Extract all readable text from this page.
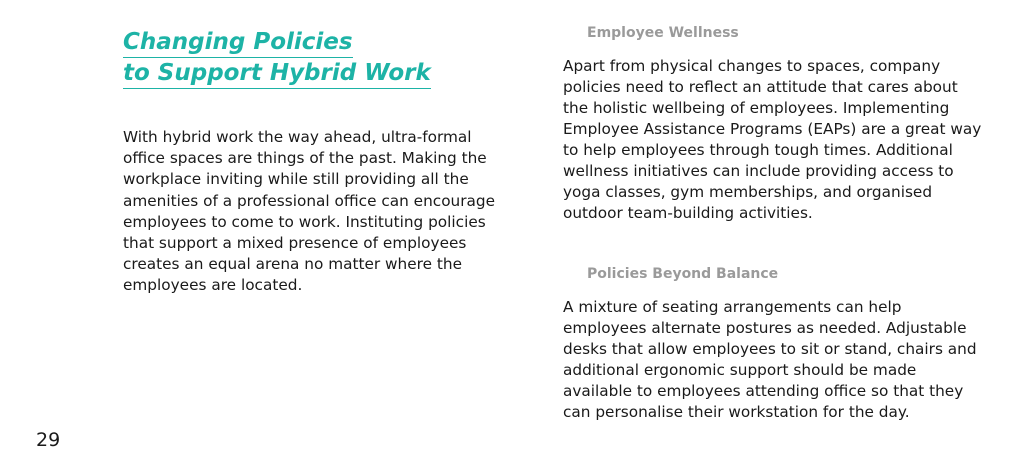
Changing Policies
to Support Hybrid Work

With hybrid work the way ahead, ultra-formal office spaces are things of the past. Making the workplace inviting while still providing all the amenities of a professional office can encourage employees to come to work. Instituting policies that support a mixed presence of employees creates an equal arena no matter where the employees are located.

Employee Wellness

Apart from physical changes to spaces, company policies need to reflect an attitude that cares about the holistic wellbeing of employees. Implementing Employee Assistance Programs (EAPs) are a great way to help employees through tough times. Additional wellness initiatives can include providing access to yoga classes, gym memberships, and organised outdoor team-building activities.

Policies Beyond Balance

A mixture of seating arrangements can help employees alternate postures as needed. Adjustable desks that allow employees to sit or stand, chairs and additional ergonomic support should be made available to employees attending office so that they can personalise their workstation for the day.

29
